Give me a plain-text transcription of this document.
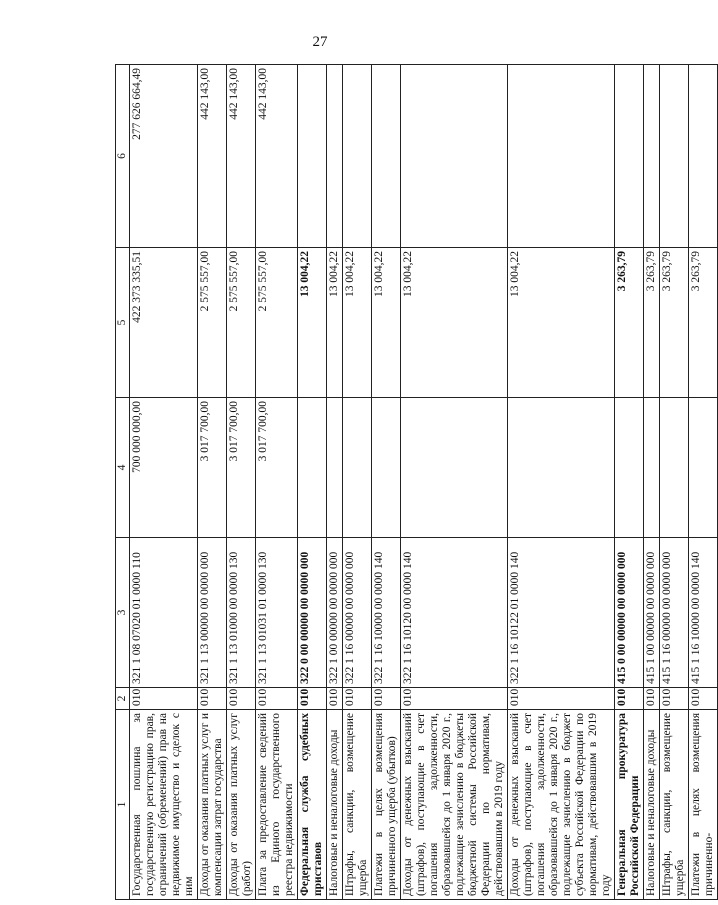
27
1	2	3	4	5	6
Государственная пошлина за государственную регистрацию прав, ограничений (обременений) прав на недвижимое имущество и сделок с ним	010	321 1 08 07020 01 0000 110	700 000 000,00	422 373 335,51	277 626 664,49
Доходы от оказания платных услуг и компенсации затрат государства	010	321 1 13 00000 00 0000 000	3 017 700,00	2 575 557,00	442 143,00
Доходы от оказания платных услуг (работ)	010	321 1 13 01000 00 0000 130	3 017 700,00	2 575 557,00	442 143,00
Плата за предоставление сведений из Единого государственного реестра недвижимости	010	321 1 13 01031 01 0000 130	3 017 700,00	2 575 557,00	442 143,00
Федеральная служба судебных приставов	010	322 0 00 00000 00 0000 000		13 004,22	
Налоговые и неналоговые доходы	010	322 1 00 00000 00 0000 000		13 004,22	
Штрафы, санкции, возмещение ущерба	010	322 1 16 00000 00 0000 000		13 004,22	
Платежи в целях возмещения причиненного ущерба (убытков)	010	322 1 16 10000 00 0000 140		13 004,22	
Доходы от денежных взысканий (штрафов), поступающие в счет погашения задолженности, образовавшейся до 1 января 2020 г., подлежащие зачислению в бюджеты бюджетной системы Российской Федерации по нормативам, действовавшим в 2019 году	010	322 1 16 10120 00 0000 140		13 004,22	
Доходы от денежных взысканий (штрафов), поступающие в счет погашения задолженности, образовавшейся до 1 января 2020 г., подлежащие зачислению в бюджет субъекта Российской Федерации по нормативам, действовавшим в 2019 году	010	322 1 16 10122 01 0000 140		13 004,22	
Генеральная прокуратура Российской Федерации	010	415 0 00 00000 00 0000 000		3 263,79	
Налоговые и неналоговые доходы	010	415 1 00 00000 00 0000 000		3 263,79	
Штрафы, санкции, возмещение ущерба	010	415 1 16 00000 00 0000 000		3 263,79	
Платежи в целях возмещения причиненно-	010	415 1 16 10000 00 0000 140		3 263,79	
